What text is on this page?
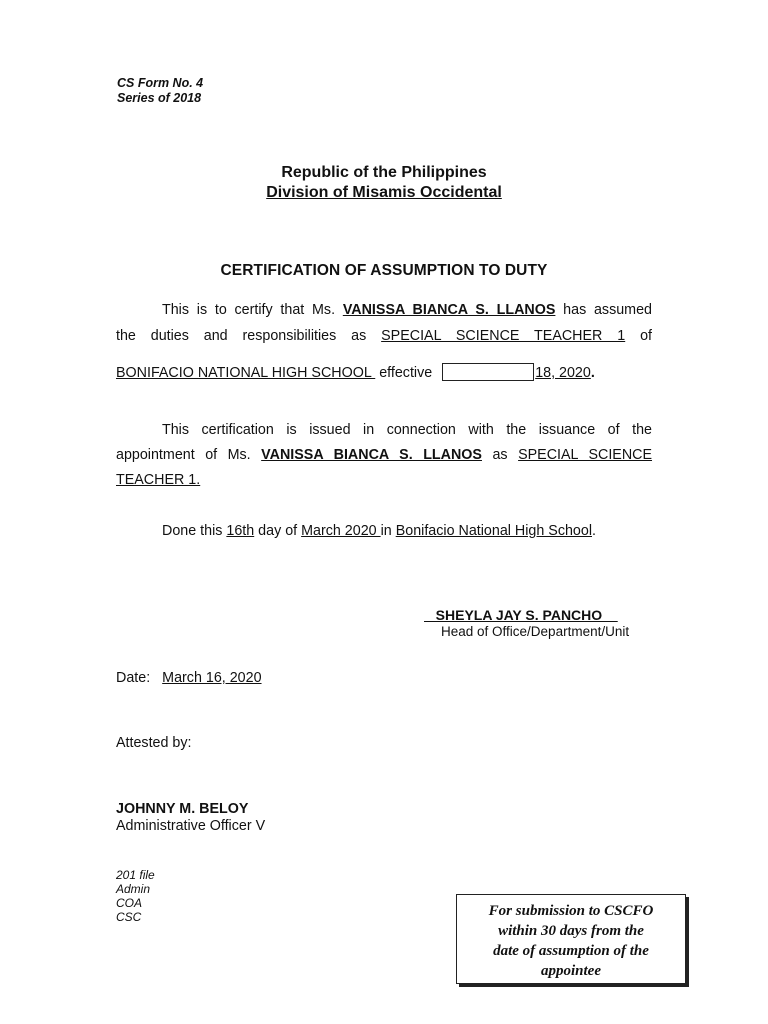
CS Form No. 4
Series of 2018
Republic of the Philippines
Division of Misamis Occidental
CERTIFICATION OF ASSUMPTION TO DUTY
This is to certify that Ms. VANISSA BIANCA S. LLANOS has assumed
the duties and responsibilities as SPECIAL SCIENCE TEACHER 1 of
BONIFACIO NATIONAL HIGH SCHOOL  effective	18, 2020.
This certification is issued in connection with the issuance of the
appointment of Ms. VANISSA BIANCA S. LLANOS as SPECIAL SCIENCE
TEACHER 1.
Done this 16th day of March 2020 in Bonifacio National High School.
SHEYLA JAY S. PANCHO
Head of Office/Department/Unit
Date: March 16, 2020
Attested by:
JOHNNY M. BELOY
Administrative Officer V
201 file
Admin
COA
CSC	For submission to CSCFO
within 30 days from the
date of assumption of the
appointee
